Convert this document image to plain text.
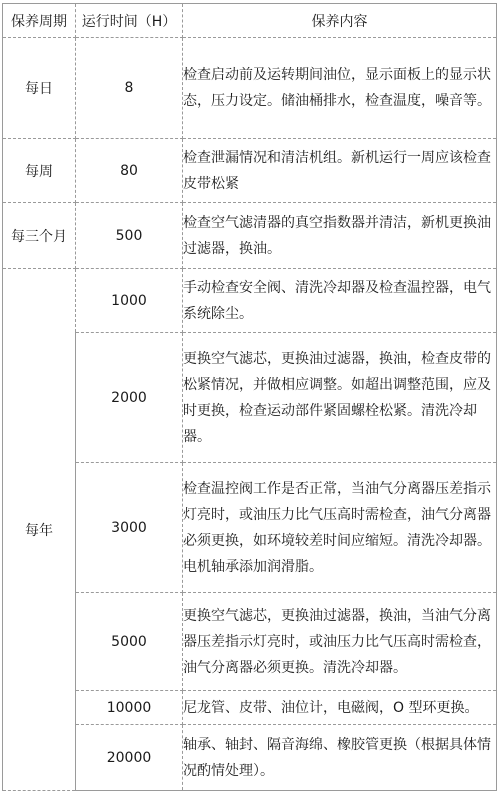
保养周期	运行时间（H）	保养内容
每日	8	检查启动前及运转期间油位，显示面板上的显示状态，压力设定。储油桶排水，检查温度，噪音等。
每周	80	检查泄漏情况和清洁机组。新机运行一周应该检查皮带松紧
每三个月	500	检查空气滤清器的真空指数器并清洁，新机更换油过滤器，换油。
每年	1000	手动检查安全阀、清洗冷却器及检查温控器，电气系统除尘。
	2000	更换空气滤芯，更换油过滤器，换油，检查皮带的松紧情况，并做相应调整。如超出调整范围，应及时更换，检查运动部件紧固螺栓松紧。清洗冷却器。
	3000	检查温控阀工作是否正常，当油气分离器压差指示灯亮时，或油压力比气压高时需检查，油气分离器必须更换，如环境较差时间应缩短。清洗冷却器。电机轴承添加润滑脂。
	5000	更换空气滤芯，更换油过滤器，换油，当油气分离器压差指示灯亮时，或油压力比气压高时需检查，油气分离器必须更换。清洗冷却器。
	10000	尼龙管、皮带、油位计，电磁阀，O 型环更换。
	20000	轴承、轴封、隔音海绵、橡胶管更换（根据具体情况酌情处理）。
